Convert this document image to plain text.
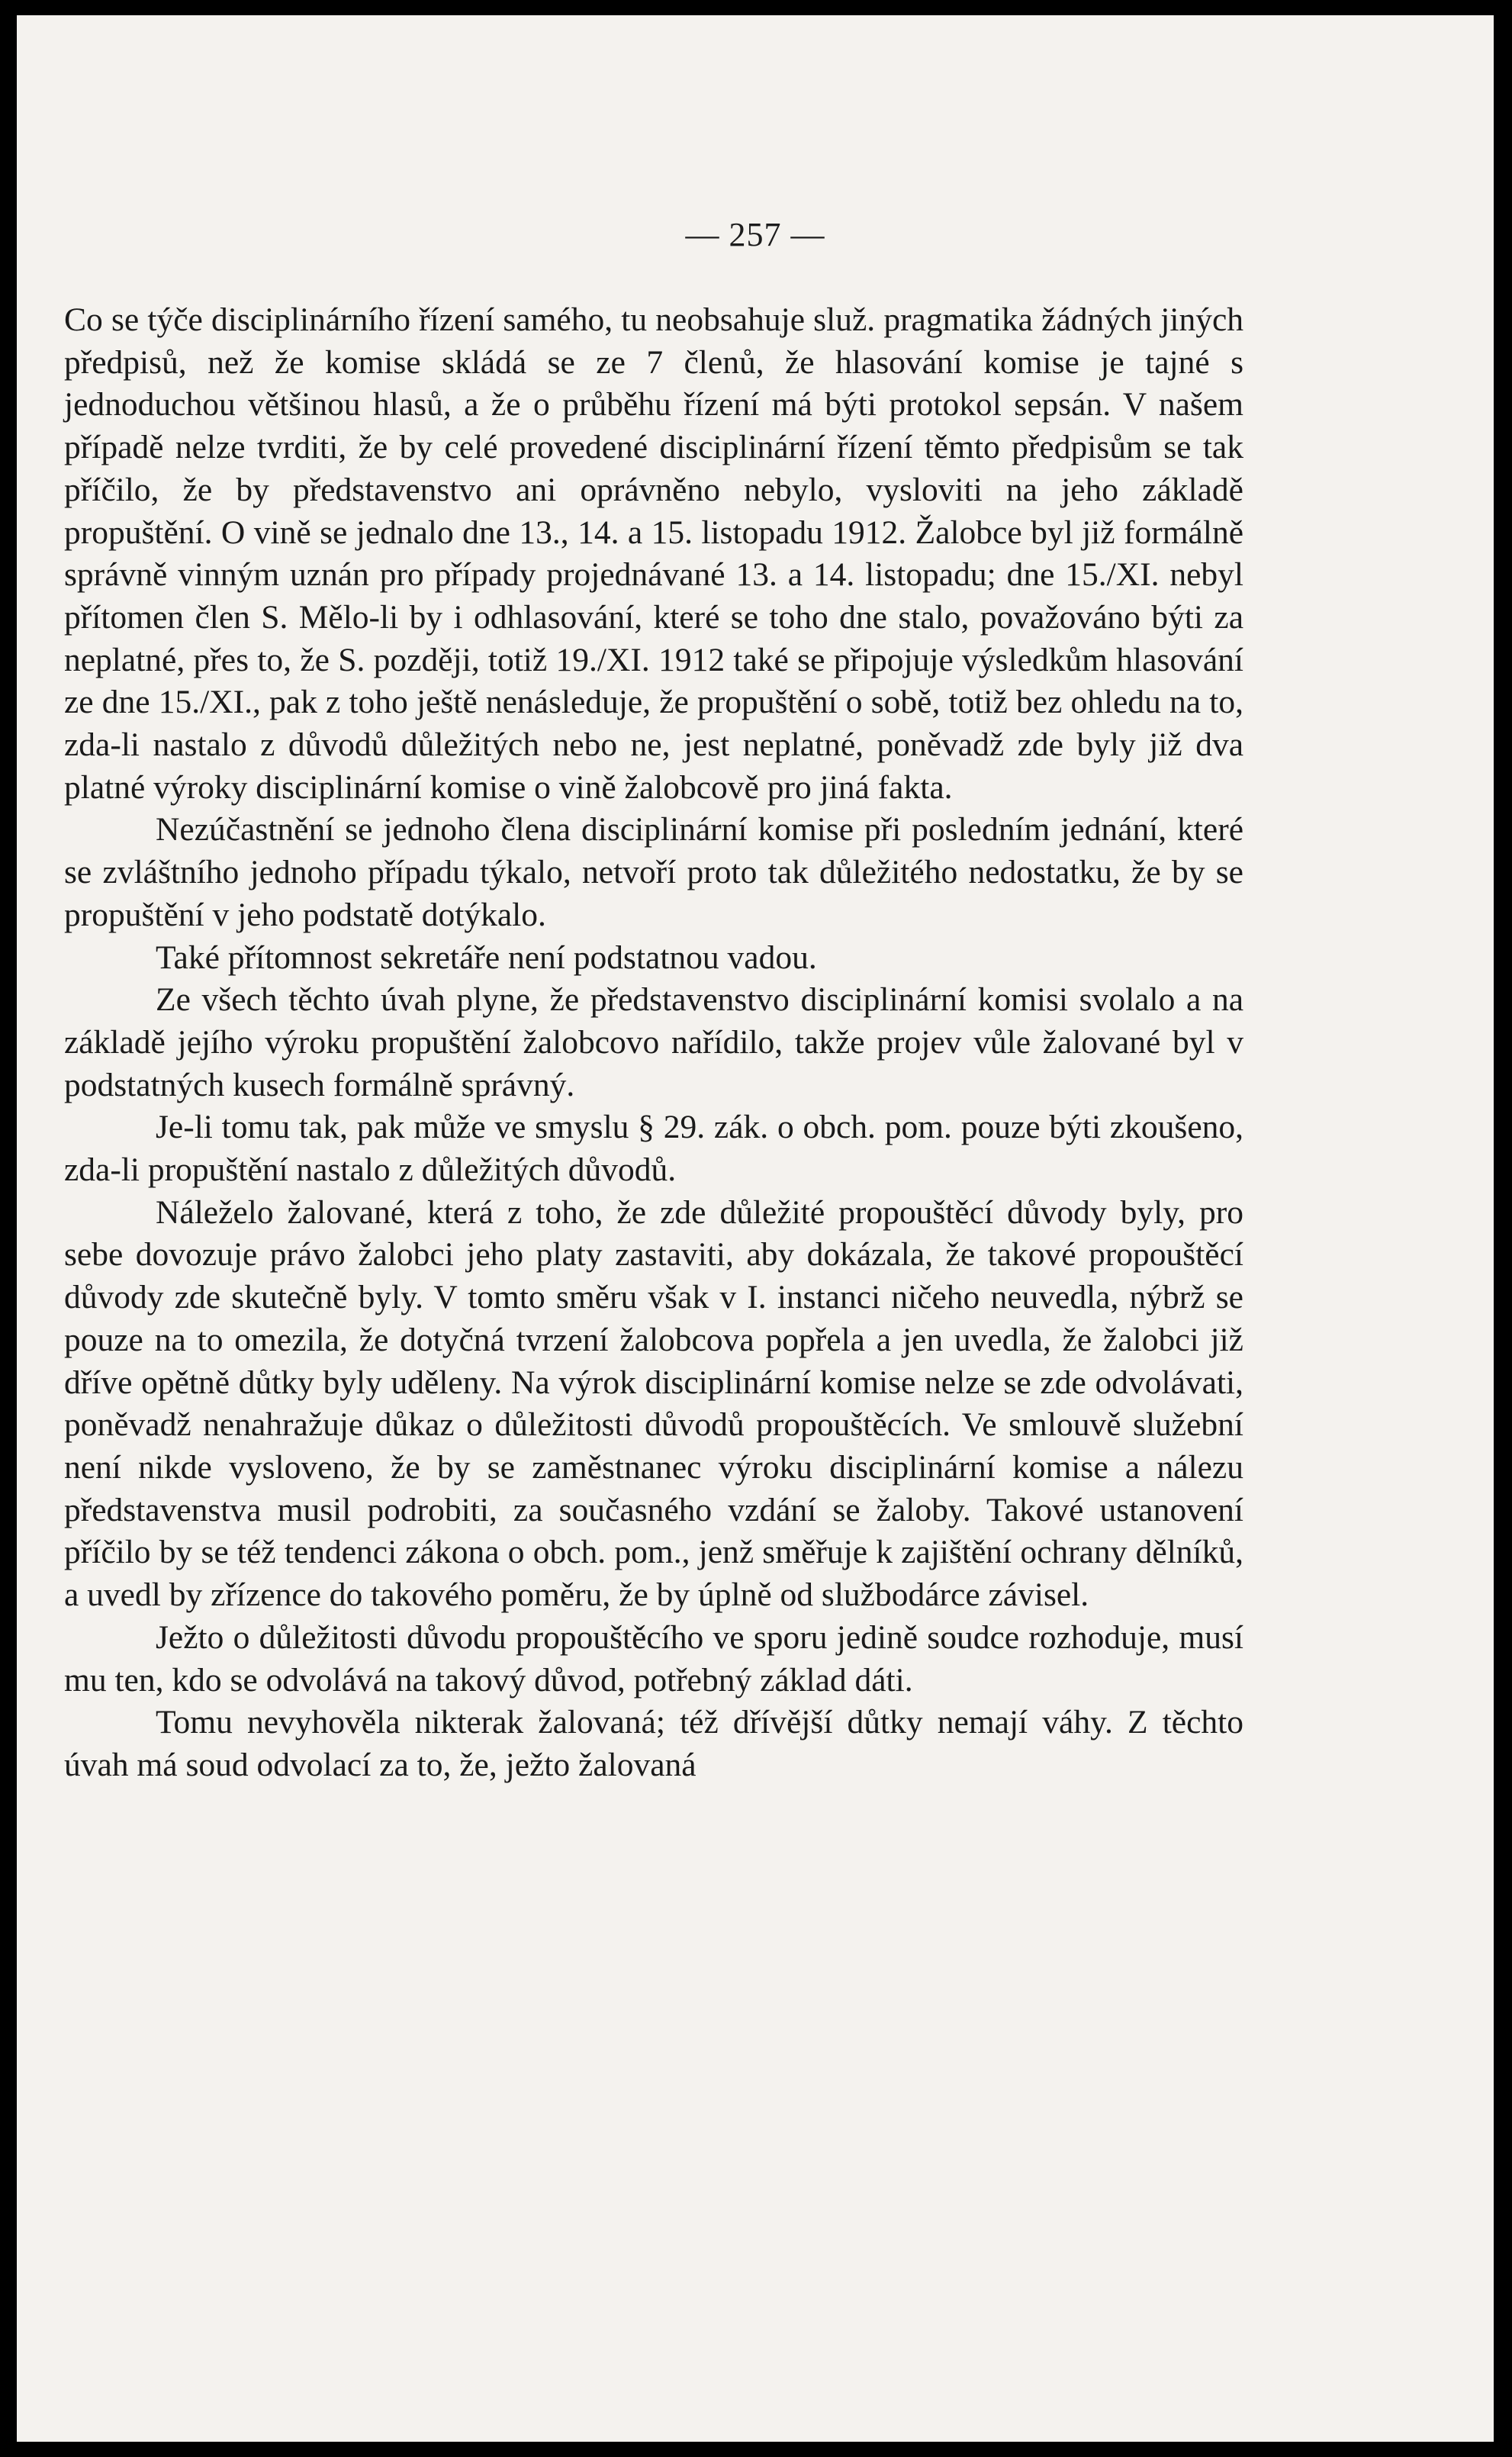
— 257 —

Co se týče disciplinárního řízení samého, tu neobsahuje služ. pragmatika žádných jiných předpisů, než že komise skládá se ze 7 členů, že hlasování komise je tajné s jednoduchou většinou hlasů, a že o průběhu řízení má býti protokol sepsán. V našem případě nelze tvrditi, že by celé provedené disciplinární řízení těmto předpisům se tak příčilo, že by představenstvo ani oprávněno nebylo, vysloviti na jeho základě propuštění. O vině se jednalo dne 13., 14. a 15. listopadu 1912. Žalobce byl již formálně správně vinným uznán pro případy projednávané 13. a 14. listopadu; dne 15./XI. nebyl přítomen člen S. Mělo-li by i odhlasování, které se toho dne stalo, považováno býti za neplatné, přes to, že S. později, totiž 19./XI. 1912 také se připojuje výsledkům hlasování ze dne 15./XI., pak z toho ještě nenásleduje, že propuštění o sobě, totiž bez ohledu na to, zda-li nastalo z důvodů důležitých nebo ne, jest neplatné, poněvadž zde byly již dva platné výroky disciplinární komise o vině žalobcově pro jiná fakta.

Nezúčastnění se jednoho člena disciplinární komise při posledním jednání, které se zvláštního jednoho případu týkalo, netvoří proto tak důležitého nedostatku, že by se propuštění v jeho podstatě dotýkalo.

Také přítomnost sekretáře není podstatnou vadou.

Ze všech těchto úvah plyne, že představenstvo disciplinární komisi svolalo a na základě jejího výroku propuštění žalobcovo nařídilo, takže projev vůle žalované byl v podstatných kusech formálně správný.

Je-li tomu tak, pak může ve smyslu § 29. zák. o obch. pom. pouze býti zkoušeno, zda-li propuštění nastalo z důležitých důvodů.

Náleželo žalované, která z toho, že zde důležité propouštěcí důvody byly, pro sebe dovozuje právo žalobci jeho platy zastaviti, aby dokázala, že takové propouštěcí důvody zde skutečně byly. V tomto směru však v I. instanci ničeho neuvedla, nýbrž se pouze na to omezila, že dotyčná tvrzení žalobcova popřela a jen uvedla, že žalobci již dříve opětně důtky byly uděleny. Na výrok disciplinární komise nelze se zde odvolávati, poněvadž nenahražuje důkaz o důležitosti důvodů propouštěcích. Ve smlouvě služební není nikde vysloveno, že by se zaměstnanec výroku disciplinární komise a nálezu představenstva musil podrobiti, za současného vzdání se žaloby. Takové ustanovení příčilo by se též tendenci zákona o obch. pom., jenž směřuje k zajištění ochrany dělníků, a uvedl by zřízence do takového poměru, že by úplně od službodárce závisel.

Ježto o důležitosti důvodu propouštěcího ve sporu jedině soudce rozhoduje, musí mu ten, kdo se odvolává na takový důvod, potřebný základ dáti.

Tomu nevyhověla nikterak žalovaná; též dřívější důtky nemají váhy. Z těchto úvah má soud odvolací za to, že, ježto žalovaná
